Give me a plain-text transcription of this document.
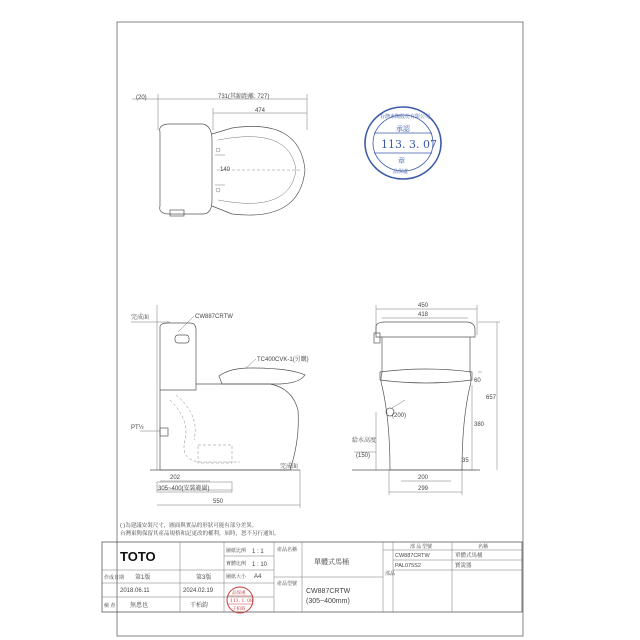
(20)	731(其縮距離: 727)
474
140
台灣東陶股份有限公司
承認
113. 3. 07
章
品保處
完成面	CW887CRTW
TC400CVK-1(另購)
PT½
完成面
202
305~400(安裝範圍)
550
450
418
(200)
給水高度
(150)
60
657
380
35
200
299
( )為建議安裝尺寸，圖面與實品的形狀可能有部分差異。
台灣東陶保留其產品規格和記更改的權利，屆時，恕不另行通知。
TOTO	圖紙比例 1 : 1
實體比例 1 : 10
圖紙大小 A4
產品名稱
單體式馬桶
產品型號
CW887CRTW
(305~400mm)
作成日期 第1版	第3版
2018.06.11	2024.02.19
檢 查 無患也	干柏鈞
部品
部 品 型號	名稱
CW887CRTW	單體式馬桶
PAL075S2	寶說器
品保處
113. 1. 08
干柏鈞
